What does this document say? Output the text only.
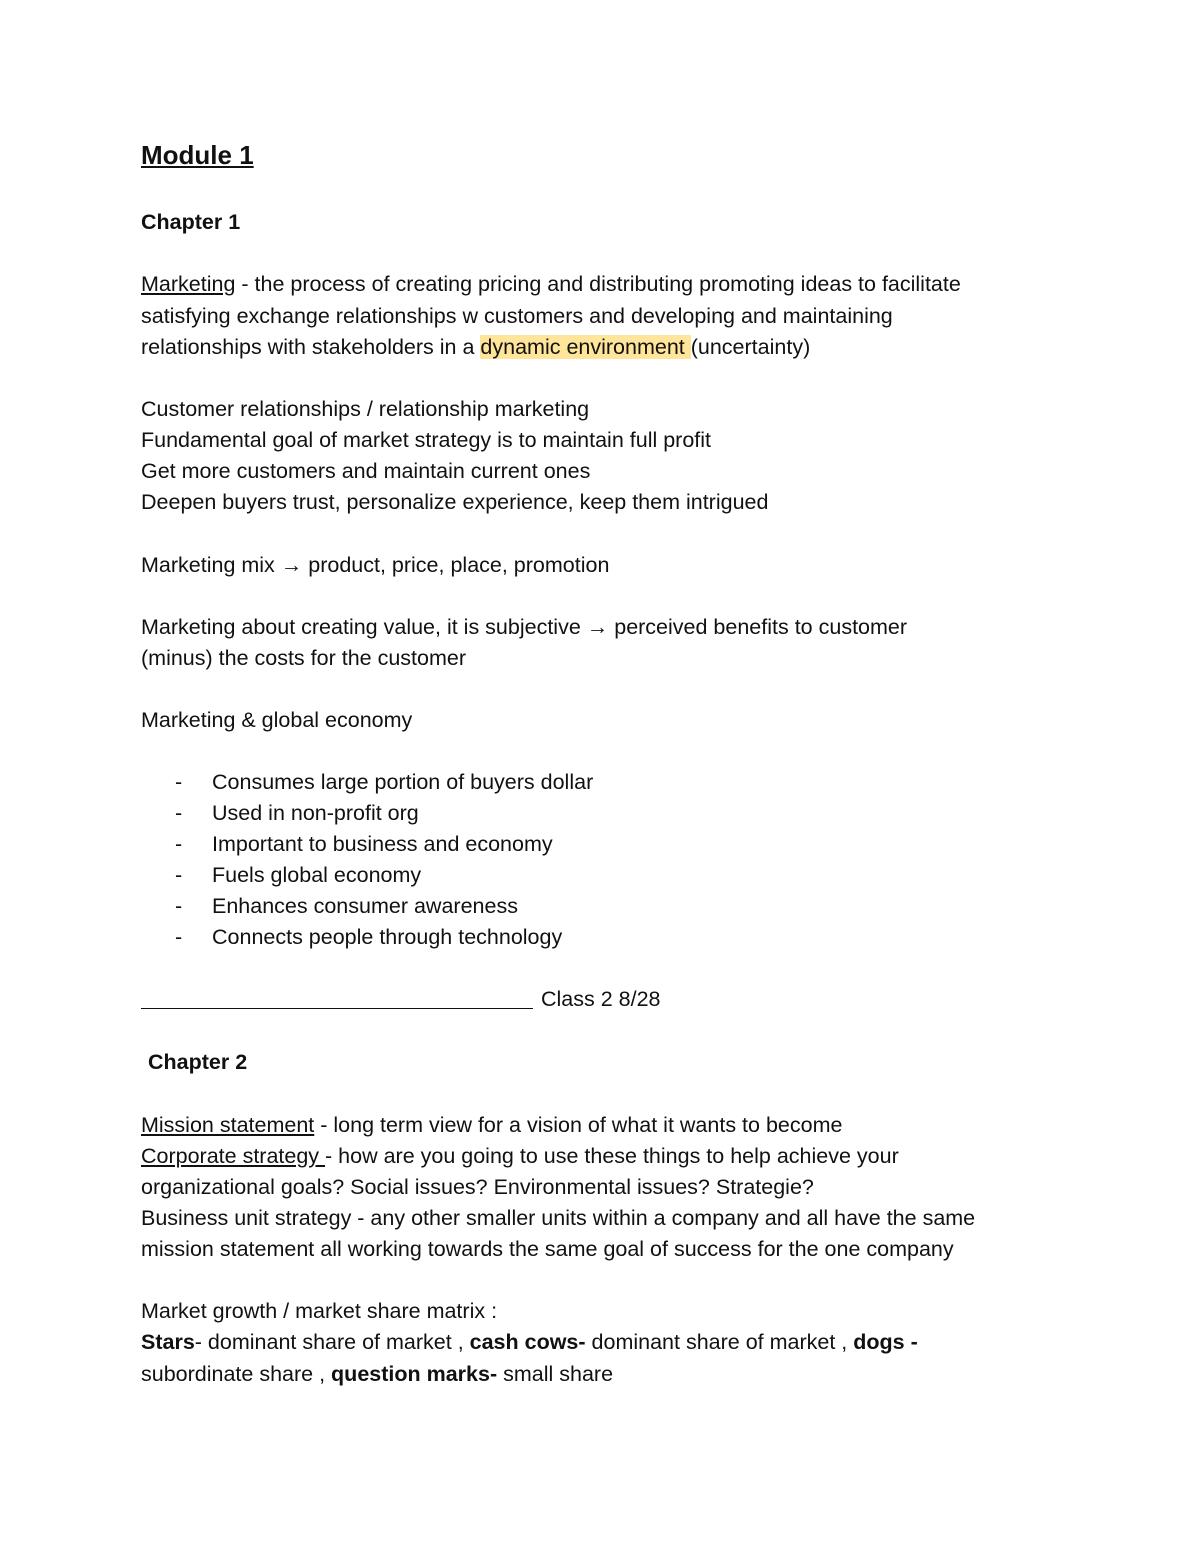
Module 1
Chapter 1
Marketing - the process of creating pricing and distributing promoting ideas to facilitate
satisfying exchange relationships w customers and developing and maintaining
relationships with stakeholders in a dynamic environment (uncertainty)
Customer relationships / relationship marketing
Fundamental goal of market strategy is to maintain full profit
Get more customers and maintain current ones
Deepen buyers trust, personalize experience, keep them intrigued
Marketing mix → product, price, place, promotion
Marketing about creating value, it is subjective → perceived benefits to customer
(minus) the costs for the customer
Marketing & global economy
- Consumes large portion of buyers dollar
- Used in non-profit org
- Important to business and economy
- Fuels global economy
- Enhances consumer awareness
- Connects people through technology
Class 2 8/28
Chapter 2
Mission statement - long term view for a vision of what it wants to become
Corporate strategy - how are you going to use these things to help achieve your
organizational goals? Social issues? Environmental issues? Strategie?
Business unit strategy - any other smaller units within a company and all have the same
mission statement all working towards the same goal of success for the one company
Market growth / market share matrix :
Stars- dominant share of market , cash cows- dominant share of market , dogs -
subordinate share , question marks- small share
